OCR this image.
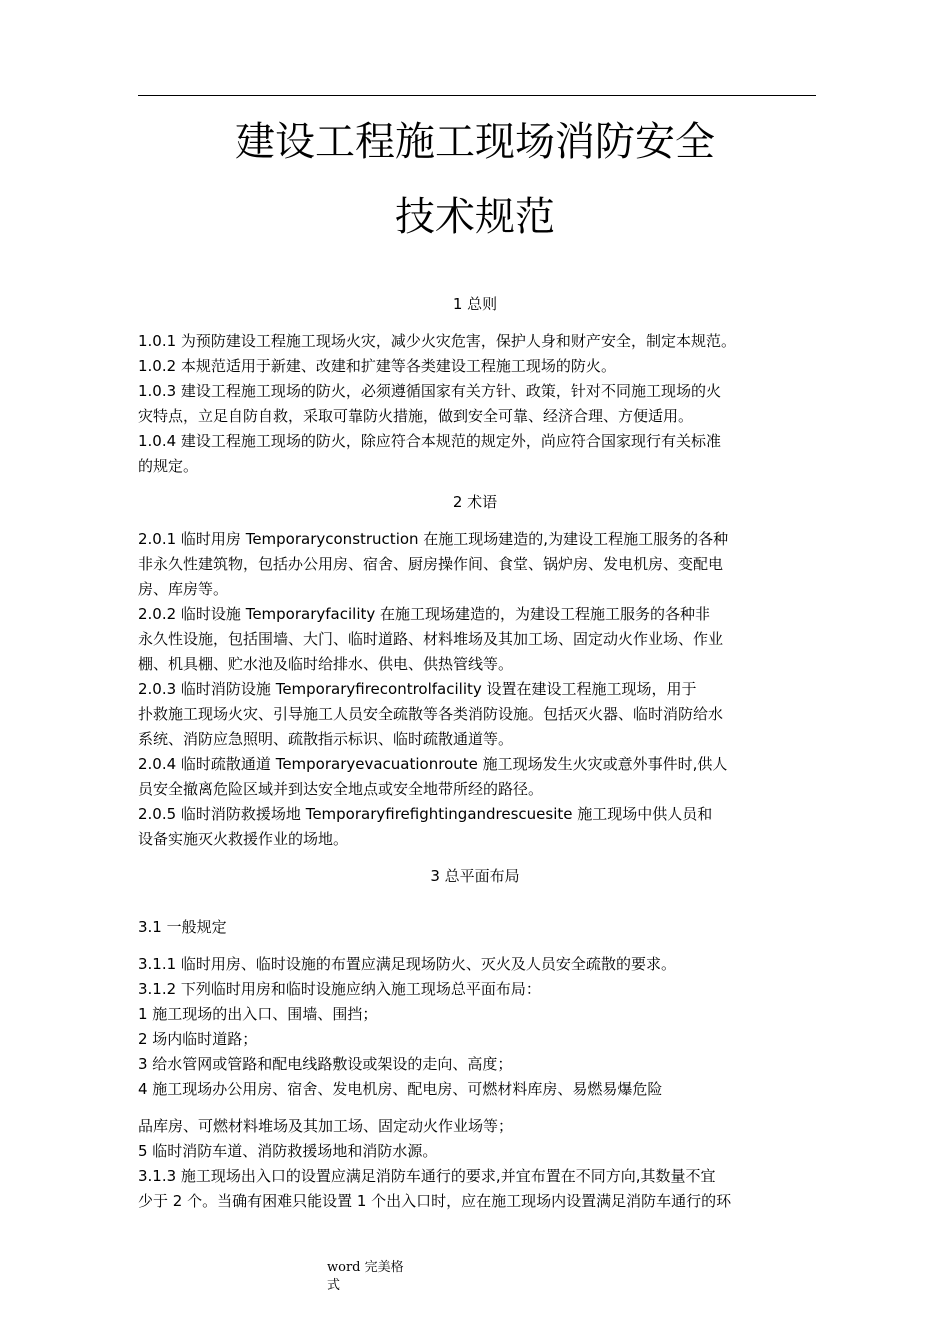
建设工程施工现场消防安全
技术规范
1 总则
1.0.1 为预防建设工程施工现场火灾，减少火灾危害，保护人身和财产安全，制定本规范。
1.0.2 本规范适用于新建、改建和扩建等各类建设工程施工现场的防火。
1.0.3 建设工程施工现场的防火，必须遵循国家有关方针、政策，针对不同施工现场的火
灾特点，立足自防自救，采取可靠防火措施，做到安全可靠、经济合理、方便适用。
1.0.4 建设工程施工现场的防火，除应符合本规范的规定外，尚应符合国家现行有关标准
的规定。
2 术语
2.0.1 临时用房 Temporaryconstruction 在施工现场建造的,为建设工程施工服务的各种
非永久性建筑物，包括办公用房、宿舍、厨房操作间、食堂、锅炉房、发电机房、变配电
房、库房等。
2.0.2 临时设施 Temporaryfacility 在施工现场建造的，为建设工程施工服务的各种非
永久性设施，包括围墙、大门、临时道路、材料堆场及其加工场、固定动火作业场、作业
棚、机具棚、贮水池及临时给排水、供电、供热管线等。
2.0.3 临时消防设施 Temporaryfirecontrolfacility 设置在建设工程施工现场，用于
扑救施工现场火灾、引导施工人员安全疏散等各类消防设施。包括灭火器、临时消防给水
系统、消防应急照明、疏散指示标识、临时疏散通道等。
2.0.4 临时疏散通道 Temporaryevacuationroute 施工现场发生火灾或意外事件时,供人
员安全撤离危险区域并到达安全地点或安全地带所经的路径。
2.0.5 临时消防救援场地 Temporaryfirefightingandrescuesite 施工现场中供人员和
设备实施灭火救援作业的场地。
3 总平面布局
3.1 一般规定
3.1.1 临时用房、临时设施的布置应满足现场防火、灭火及人员安全疏散的要求。
3.1.2 下列临时用房和临时设施应纳入施工现场总平面布局：
1 施工现场的出入口、围墙、围挡；
2 场内临时道路；
3 给水管网或管路和配电线路敷设或架设的走向、高度；
4 施工现场办公用房、宿舍、发电机房、配电房、可燃材料库房、易燃易爆危险
品库房、可燃材料堆场及其加工场、固定动火作业场等；
5 临时消防车道、消防救援场地和消防水源。
3.1.3 施工现场出入口的设置应满足消防车通行的要求,并宜布置在不同方向,其数量不宜
少于 2 个。当确有困难只能设置 1 个出入口时，应在施工现场内设置满足消防车通行的环
word 完美格
式
